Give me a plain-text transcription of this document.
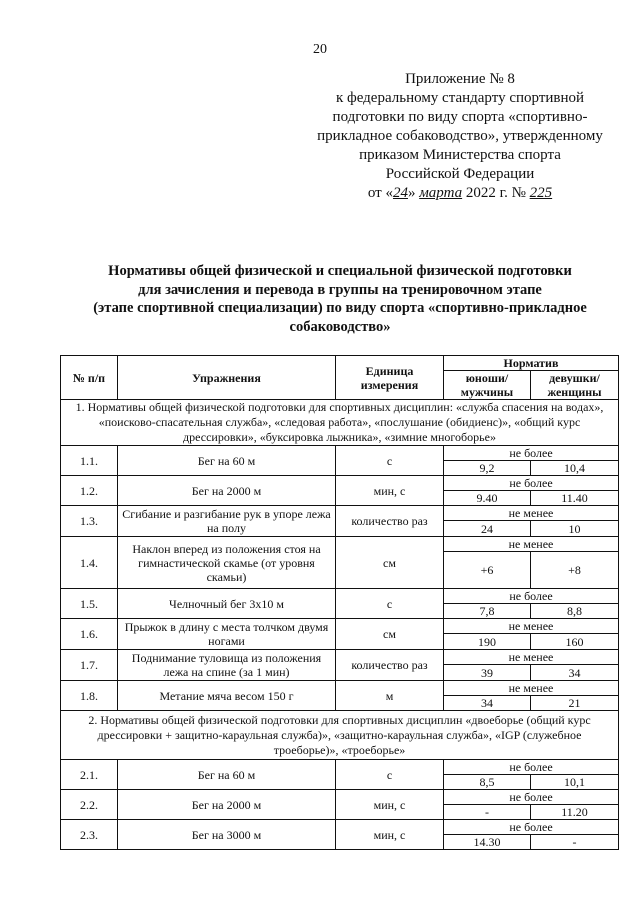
20
Приложение № 8
к федеральному стандарту спортивной
подготовки по виду спорта «спортивно-
прикладное собаководство», утвержденному
приказом Министерства спорта
Российской Федерации
от «24» марта 2022 г. № 225
Нормативы общей физической и специальной физической подготовки
для зачисления и перевода в группы на тренировочном этапе
(этапе спортивной специализации) по виду спорта «спортивно-прикладное
собаководство»
№ п/п	Упражнения	Единица измерения	Норматив	
			юноши/ мужчины	девушки/ женщины
1. Нормативы общей физической подготовки для спортивных дисциплин: «служба спасения на водах», «поисково-спасательная служба», «следовая работа», «послушание (обидиенс)», «общий курс дрессировки», «буксировка лыжника», «зимние многоборье»				
1.1.	Бег на 60 м	с	не более	
			9,2	10,4
1.2.	Бег на 2000 м	мин, с	не более	
			9.40	11.40
1.3.	Сгибание и разгибание рук в упоре лежа на полу	количество раз	не менее	
			24	10
1.4.	Наклон вперед из положения стоя на гимнастической скамье (от уровня скамьи)	см	не менее	
			+6	+8
1.5.	Челночный бег 3х10 м	с	не более	
			7,8	8,8
1.6.	Прыжок в длину с места толчком двумя ногами	см	не менее	
			190	160
1.7.	Поднимание туловища из положения лежа на спине (за 1 мин)	количество раз	не менее	
			39	34
1.8.	Метание мяча весом 150 г	м	не менее	
			34	21
2. Нормативы общей физической подготовки для спортивных дисциплин «двоеборье (общий курс дрессировки + защитно-караульная служба)», «защитно-караульная служба», «IGP (служебное троеборье)», «троеборье»				
2.1.	Бег на 60 м	с	не более	
			8,5	10,1
2.2.	Бег на 2000 м	мин, с	не более	
			-	11.20
2.3.	Бег на 3000 м	мин, с	не более	
			14.30	-
